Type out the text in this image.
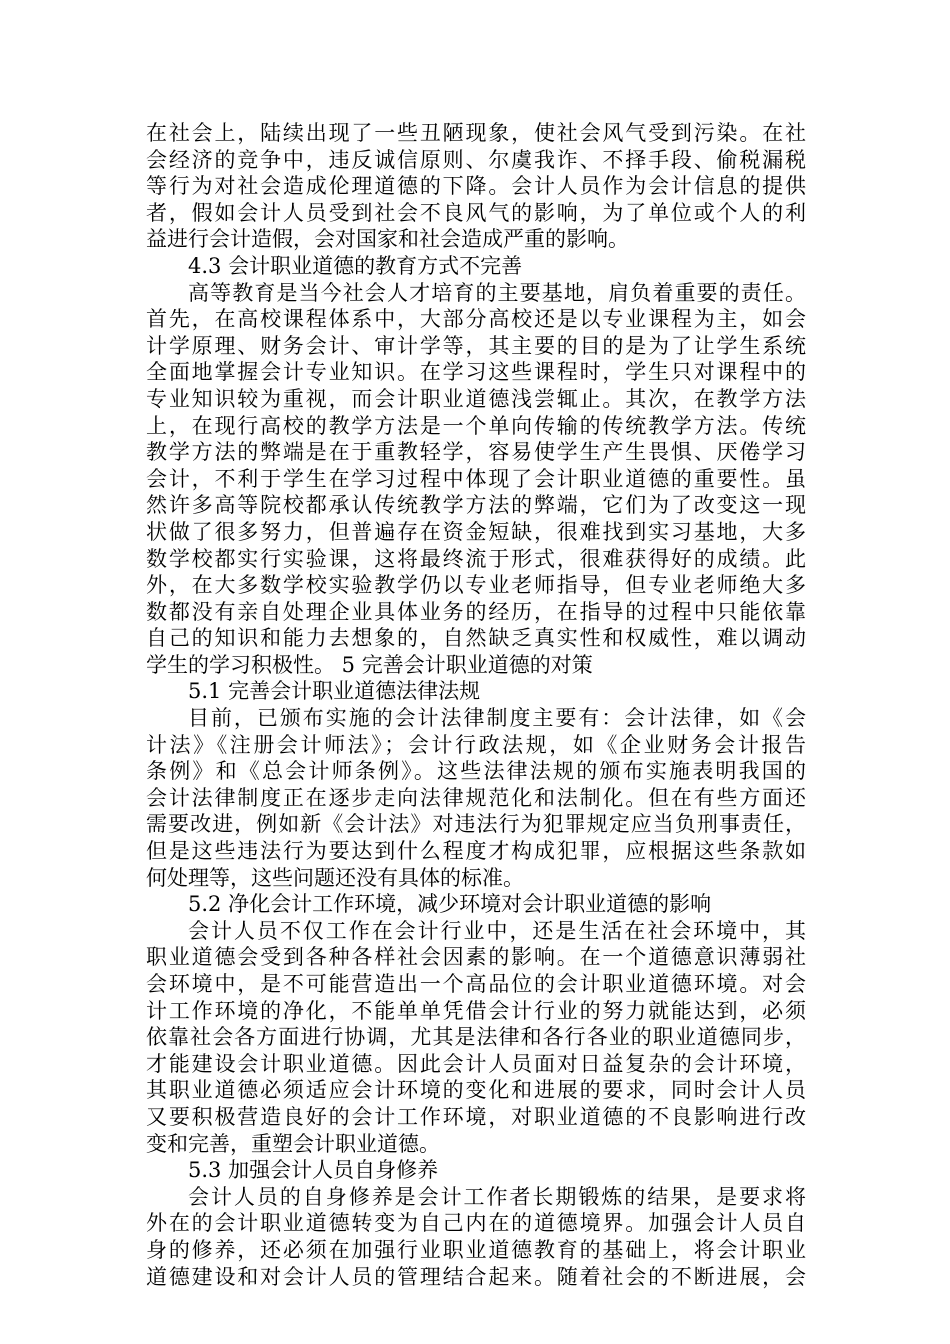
在社会上，陆续出现了一些丑陋现象，使社会风气受到污染。在社
会经济的竞争中，违反诚信原则、尔虞我诈、不择手段、偷税漏税
等行为对社会造成伦理道德的下降。会计人员作为会计信息的提供
者，假如会计人员受到社会不良风气的影响，为了单位或个人的利
益进行会计造假，会对国家和社会造成严重的影响。
4.3 会计职业道德的教育方式不完善
高等教育是当今社会人才培育的主要基地，肩负着重要的责任。
首先，在高校课程体系中，大部分高校还是以专业课程为主，如会
计学原理、财务会计、审计学等，其主要的目的是为了让学生系统
全面地掌握会计专业知识。在学习这些课程时，学生只对课程中的
专业知识较为重视，而会计职业道德浅尝辄止。其次，在教学方法
上，在现行高校的教学方法是一个单向传输的传统教学方法。传统
教学方法的弊端是在于重教轻学，容易使学生产生畏惧、厌倦学习
会计，不利于学生在学习过程中体现了会计职业道德的重要性。虽
然许多高等院校都承认传统教学方法的弊端，它们为了改变这一现
状做了很多努力，但普遍存在资金短缺，很难找到实习基地，大多
数学校都实行实验课，这将最终流于形式，很难获得好的成绩。此
外，在大多数学校实验教学仍以专业老师指导，但专业老师绝大多
数都没有亲自处理企业具体业务的经历，在指导的过程中只能依靠
自己的知识和能力去想象的，自然缺乏真实性和权威性，难以调动
学生的学习积极性。 5 完善会计职业道德的对策
5.1 完善会计职业道德法律法规
目前，已颁布实施的会计法律制度主要有：会计法律，如《会
计法》《注册会计师法》；会计行政法规，如《企业财务会计报告
条例》和《总会计师条例》。这些法律法规的颁布实施表明我国的
会计法律制度正在逐步走向法律规范化和法制化。但在有些方面还
需要改进，例如新《会计法》对违法行为犯罪规定应当负刑事责任，
但是这些违法行为要达到什么程度才构成犯罪，应根据这些条款如
何处理等，这些问题还没有具体的标准。
5.2 净化会计工作环境，减少环境对会计职业道德的影响
会计人员不仅工作在会计行业中，还是生活在社会环境中，其
职业道德会受到各种各样社会因素的影响。在一个道德意识薄弱社
会环境中，是不可能营造出一个高品位的会计职业道德环境。对会
计工作环境的净化，不能单单凭借会计行业的努力就能达到，必须
依靠社会各方面进行协调，尤其是法律和各行各业的职业道德同步，
才能建设会计职业道德。因此会计人员面对日益复杂的会计环境，
其职业道德必须适应会计环境的变化和进展的要求，同时会计人员
又要积极营造良好的会计工作环境，对职业道德的不良影响进行改
变和完善，重塑会计职业道德。
5.3 加强会计人员自身修养
会计人员的自身修养是会计工作者长期锻炼的结果，是要求将
外在的会计职业道德转变为自己内在的道德境界。加强会计人员自
身的修养，还必须在加强行业职业道德教育的基础上，将会计职业
道德建设和对会计人员的管理结合起来。随着社会的不断进展，会
